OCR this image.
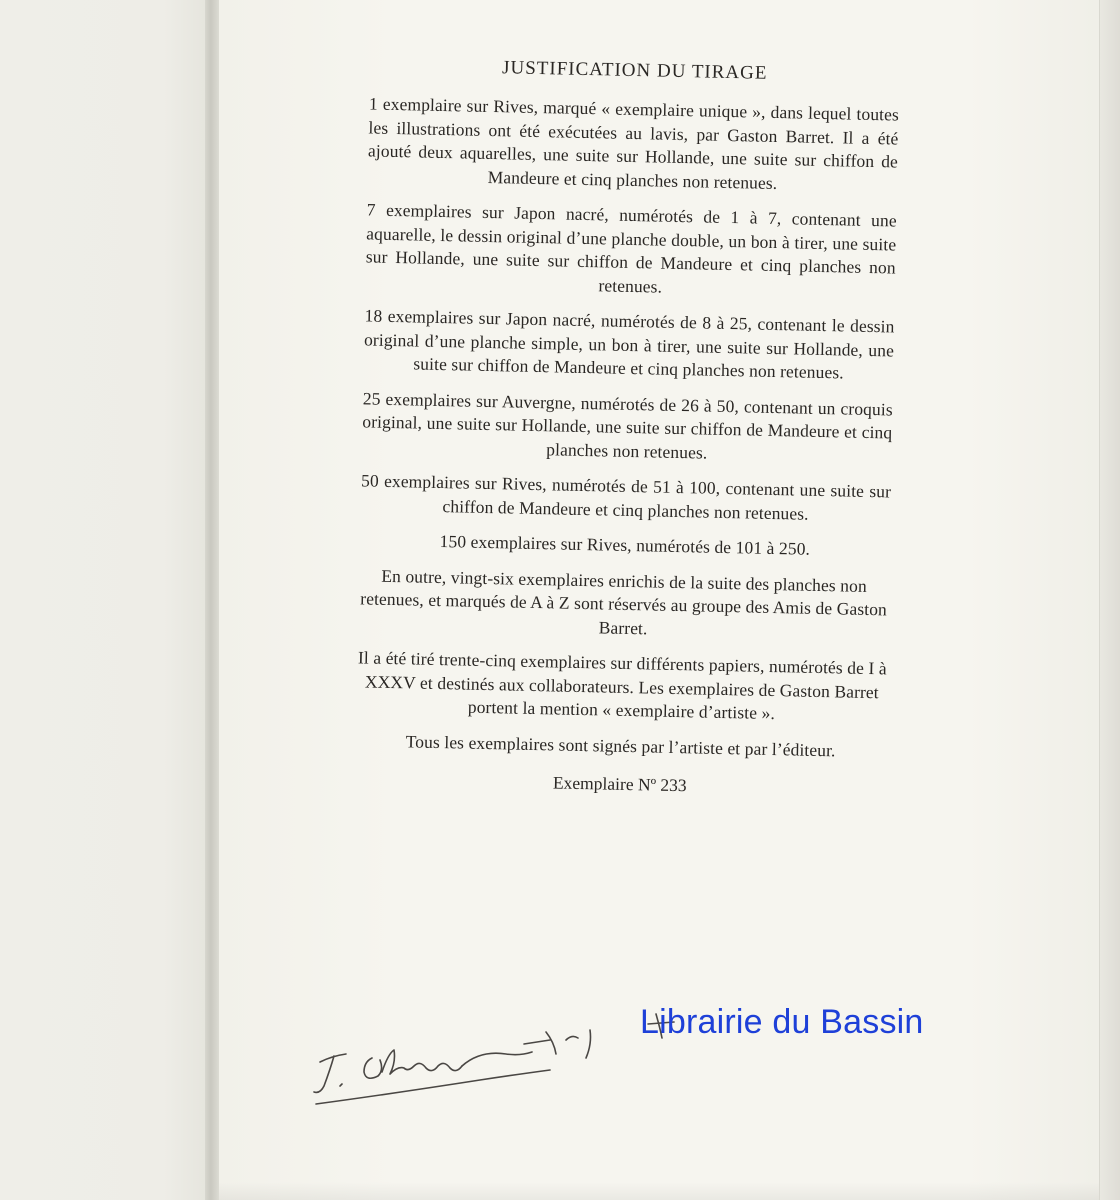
JUSTIFICATION DU TIRAGE

1 exemplaire sur Rives, marqué « exemplaire unique », dans lequel toutes les illustrations ont été exécutées au lavis, par Gaston Barret. Il a été ajouté deux aquarelles, une suite sur Hollande, une suite sur chiffon de Mandeure et cinq planches non retenues.

7 exemplaires sur Japon nacré, numérotés de 1 à 7, contenant une aquarelle, le dessin original d’une planche double, un bon à tirer, une suite sur Hollande, une suite sur chiffon de Mandeure et cinq planches non retenues.

18 exemplaires sur Japon nacré, numérotés de 8 à 25, contenant le dessin original d’une planche simple, un bon à tirer, une suite sur Hollande, une suite sur chiffon de Mandeure et cinq planches non retenues.

25 exemplaires sur Auvergne, numérotés de 26 à 50, contenant un croquis original, une suite sur Hollande, une suite sur chiffon de Mandeure et cinq planches non retenues.

50 exemplaires sur Rives, numérotés de 51 à 100, contenant une suite sur chiffon de Mandeure et cinq planches non retenues.

150 exemplaires sur Rives, numérotés de 101 à 250.

En outre, vingt-six exemplaires enrichis de la suite des planches non retenues, et marqués de A à Z sont réservés au groupe des Amis de Gaston Barret.

Il a été tiré trente-cinq exemplaires sur différents papiers, numérotés de I à XXXV et destinés aux collaborateurs. Les exemplaires de Gaston Barret portent la mention « exemplaire d’artiste ».

Tous les exemplaires sont signés par l’artiste et par l’éditeur.

Exemplaire Nº 233
Librairie du Bassin
